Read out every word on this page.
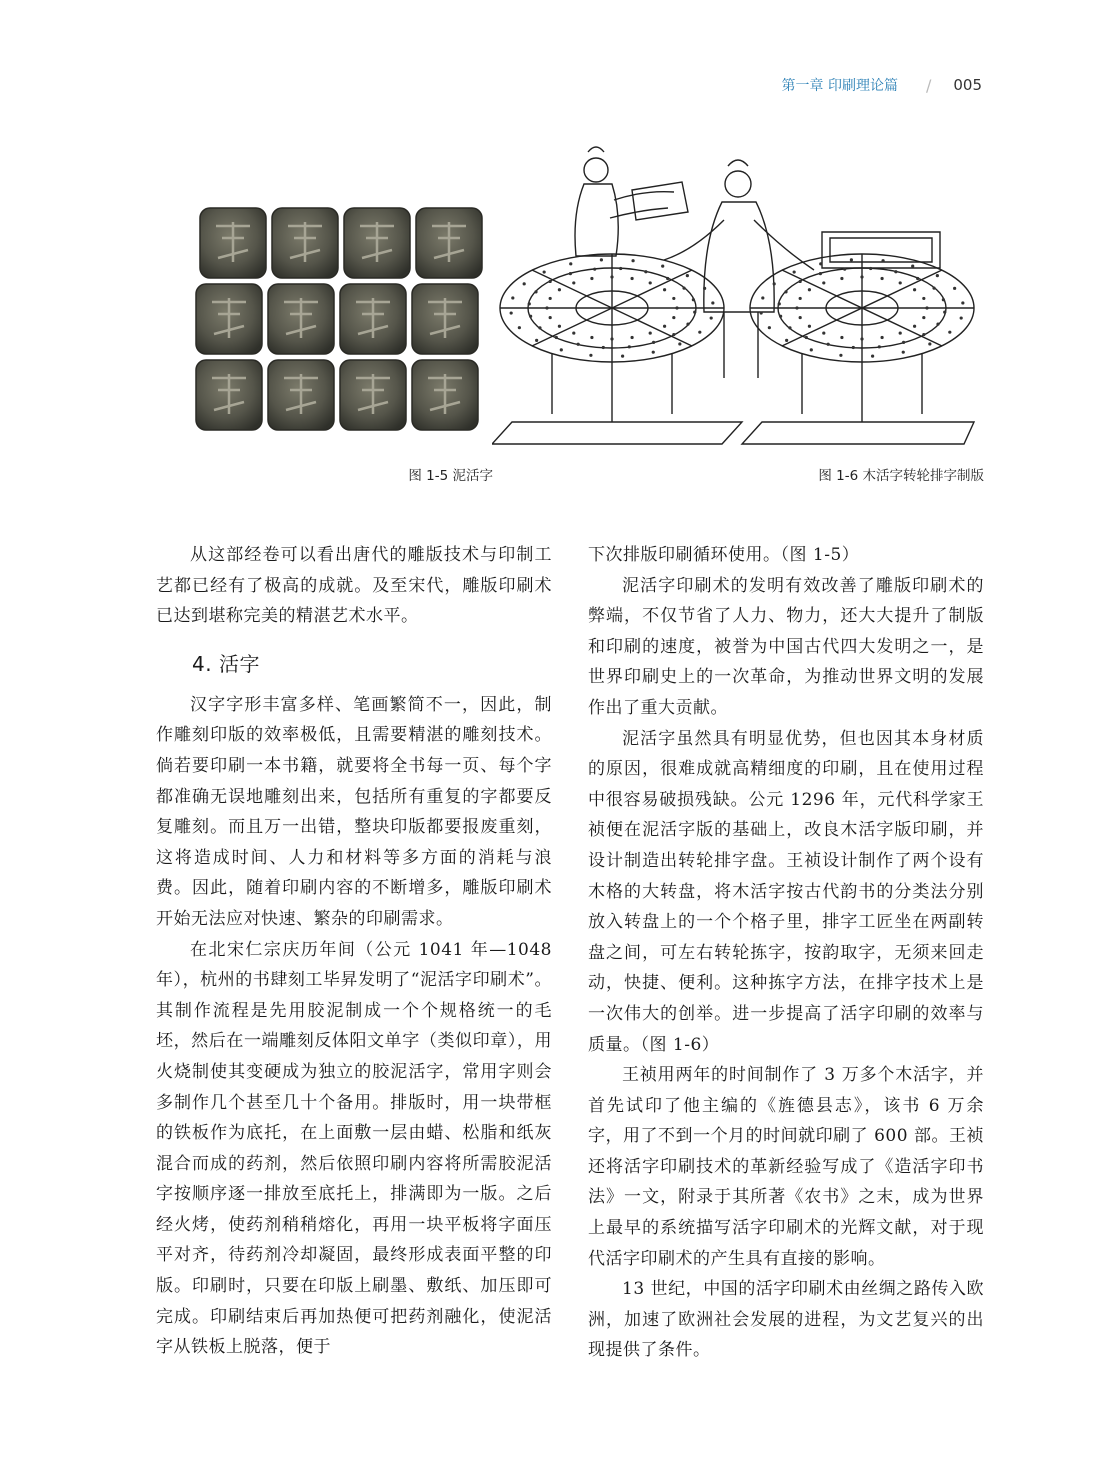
第一章 印刷理论篇 / 005
图 1-5 泥活字	图 1-6 木活字转轮排字制版

从这部经卷可以看出唐代的雕版技术与印制工艺都已经有了极高的成就。及至宋代，雕版印刷术已达到堪称完美的精湛艺术水平。

4. 活字

汉字字形丰富多样、笔画繁简不一，因此，制作雕刻印版的效率极低，且需要精湛的雕刻技术。倘若要印刷一本书籍，就要将全书每一页、每个字都准确无误地雕刻出来，包括所有重复的字都要反复雕刻。而且万一出错，整块印版都要报废重刻，这将造成时间、人力和材料等多方面的消耗与浪费。因此，随着印刷内容的不断增多，雕版印刷术开始无法应对快速、繁杂的印刷需求。

在北宋仁宗庆历年间（公元 1041 年—1048 年），杭州的书肆刻工毕昇发明了“泥活字印刷术”。其制作流程是先用胶泥制成一个个规格统一的毛坯，然后在一端雕刻反体阳文单字（类似印章），用火烧制使其变硬成为独立的胶泥活字，常用字则会多制作几个甚至几十个备用。排版时，用一块带框的铁板作为底托，在上面敷一层由蜡、松脂和纸灰混合而成的药剂，然后依照印刷内容将所需胶泥活字按顺序逐一排放至底托上，排满即为一版。之后经火烤，使药剂稍稍熔化，再用一块平板将字面压平对齐，待药剂冷却凝固，最终形成表面平整的印版。印刷时，只要在印版上刷墨、敷纸、加压即可完成。印刷结束后再加热便可把药剂融化，使泥活字从铁板上脱落，便于

下次排版印刷循环使用。（图 1-5）

泥活字印刷术的发明有效改善了雕版印刷术的弊端，不仅节省了人力、物力，还大大提升了制版和印刷的速度，被誉为中国古代四大发明之一，是世界印刷史上的一次革命，为推动世界文明的发展作出了重大贡献。

泥活字虽然具有明显优势，但也因其本身材质的原因，很难成就高精细度的印刷，且在使用过程中很容易破损残缺。公元 1296 年，元代科学家王祯便在泥活字版的基础上，改良木活字版印刷，并设计制造出转轮排字盘。王祯设计制作了两个设有木格的大转盘，将木活字按古代韵书的分类法分别放入转盘上的一个个格子里，排字工匠坐在两副转盘之间，可左右转轮拣字，按韵取字，无须来回走动，快捷、便利。这种拣字方法，在排字技术上是一次伟大的创举。进一步提高了活字印刷的效率与质量。（图 1-6）

王祯用两年的时间制作了 3 万多个木活字，并首先试印了他主编的《旌德县志》，该书 6 万余字，用了不到一个月的时间就印刷了 600 部。王祯还将活字印刷技术的革新经验写成了《造活字印书法》一文，附录于其所著《农书》之末，成为世界上最早的系统描写活字印刷术的光辉文献，对于现代活字印刷术的产生具有直接的影响。

13 世纪，中国的活字印刷术由丝绸之路传入欧洲，加速了欧洲社会发展的进程，为文艺复兴的出现提供了条件。
